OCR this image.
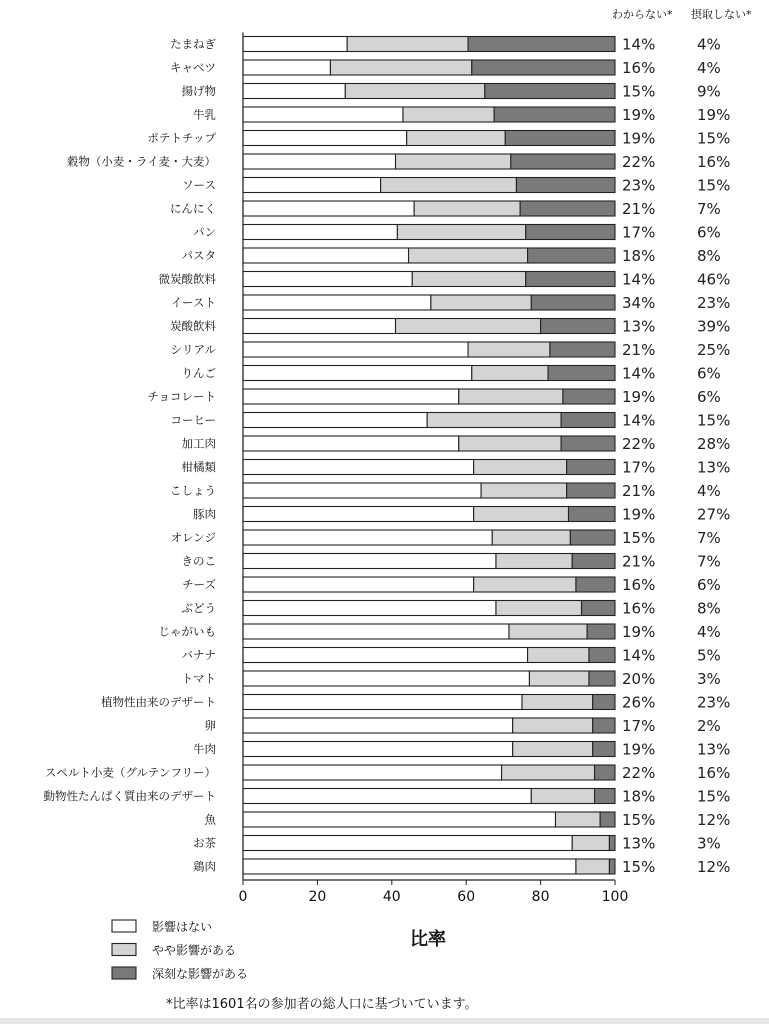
わからない* 摂取しない*
たまねぎ	14%	4%
キャベツ	16%	4%
揚げ物	15%	9%
牛乳	19%	19%
ポテトチップ	19%	15%
穀物（小麦・ライ麦・大麦）	22%	16%
ソース	23%	15%
にんにく	21%	7%
パン	17%	6%
パスタ	18%	8%
微炭酸飲料	14%	46%
イースト	34%	23%
炭酸飲料	13%	39%
シリアル	21%	25%
りんご	14%	6%
チョコレート	19%	6%
コーヒー	14%	15%
加工肉	22%	28%
柑橘類	17%	13%
こしょう	21%	4%
豚肉	19%	27%
オレンジ	15%	7%
きのこ	21%	7%
チーズ	16%	6%
ぶどう	16%	8%
じゃがいも	19%	4%
バナナ	14%	5%
トマト	20%	3%
植物性由来のデザート	26%	23%
卵	17%	2%
牛肉	19%	13%
スペルト小麦（グルテンフリー）	22%	16%
動物性たんぱく質由来のデザート	18%	15%
魚	15%	12%
お茶	13%	3%
鶏肉	15%	12%
0	20	40	60	80	100
比率
影響はない
やや影響がある
深刻な影響がある
*比率は1601名の参加者の総人口に基づいています。
